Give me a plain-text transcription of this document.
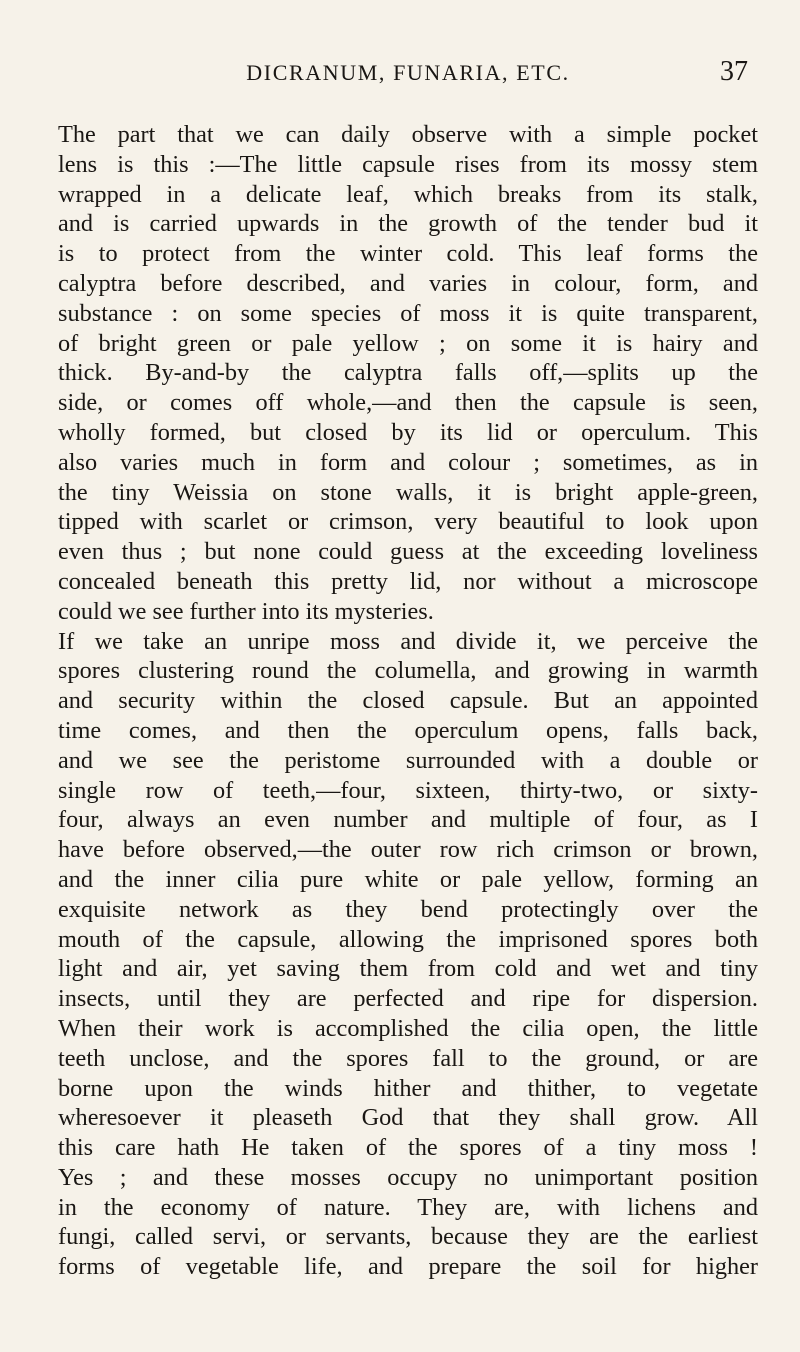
DICRANUM, FUNARIA, ETC.	37
The part that we can daily observe with a simple pocket
lens is this :—The little capsule rises from its mossy stem
wrapped in a delicate leaf, which breaks from its stalk,
and is carried upwards in the growth of the tender bud it
is to protect from the winter cold. This leaf forms the
calyptra before described, and varies in colour, form, and
substance : on some species of moss it is quite transparent,
of bright green or pale yellow ; on some it is hairy and
thick. By-and-by the calyptra falls off,—splits up the
side, or comes off whole,—and then the capsule is seen,
wholly formed, but closed by its lid or operculum. This
also varies much in form and colour ; sometimes, as in
the tiny Weissia on stone walls, it is bright apple-green,
tipped with scarlet or crimson, very beautiful to look upon
even thus ; but none could guess at the exceeding loveliness
concealed beneath this pretty lid, nor without a microscope
could we see further into its mysteries.
If we take an unripe moss and divide it, we perceive the
spores clustering round the columella, and growing in warmth
and security within the closed capsule. But an appointed
time comes, and then the operculum opens, falls back,
and we see the peristome surrounded with a double or
single row of teeth,—four, sixteen, thirty-two, or sixty-
four, always an even number and multiple of four, as I
have before observed,—the outer row rich crimson or brown,
and the inner cilia pure white or pale yellow, forming an
exquisite network as they bend protectingly over the
mouth of the capsule, allowing the imprisoned spores both
light and air, yet saving them from cold and wet and tiny
insects, until they are perfected and ripe for dispersion.
When their work is accomplished the cilia open, the little
teeth unclose, and the spores fall to the ground, or are
borne upon the winds hither and thither, to vegetate
wheresoever it pleaseth God that they shall grow. All
this care hath He taken of the spores of a tiny moss !
Yes ; and these mosses occupy no unimportant position
in the economy of nature. They are, with lichens and
fungi, called servi, or servants, because they are the earliest
forms of vegetable life, and prepare the soil for higher
